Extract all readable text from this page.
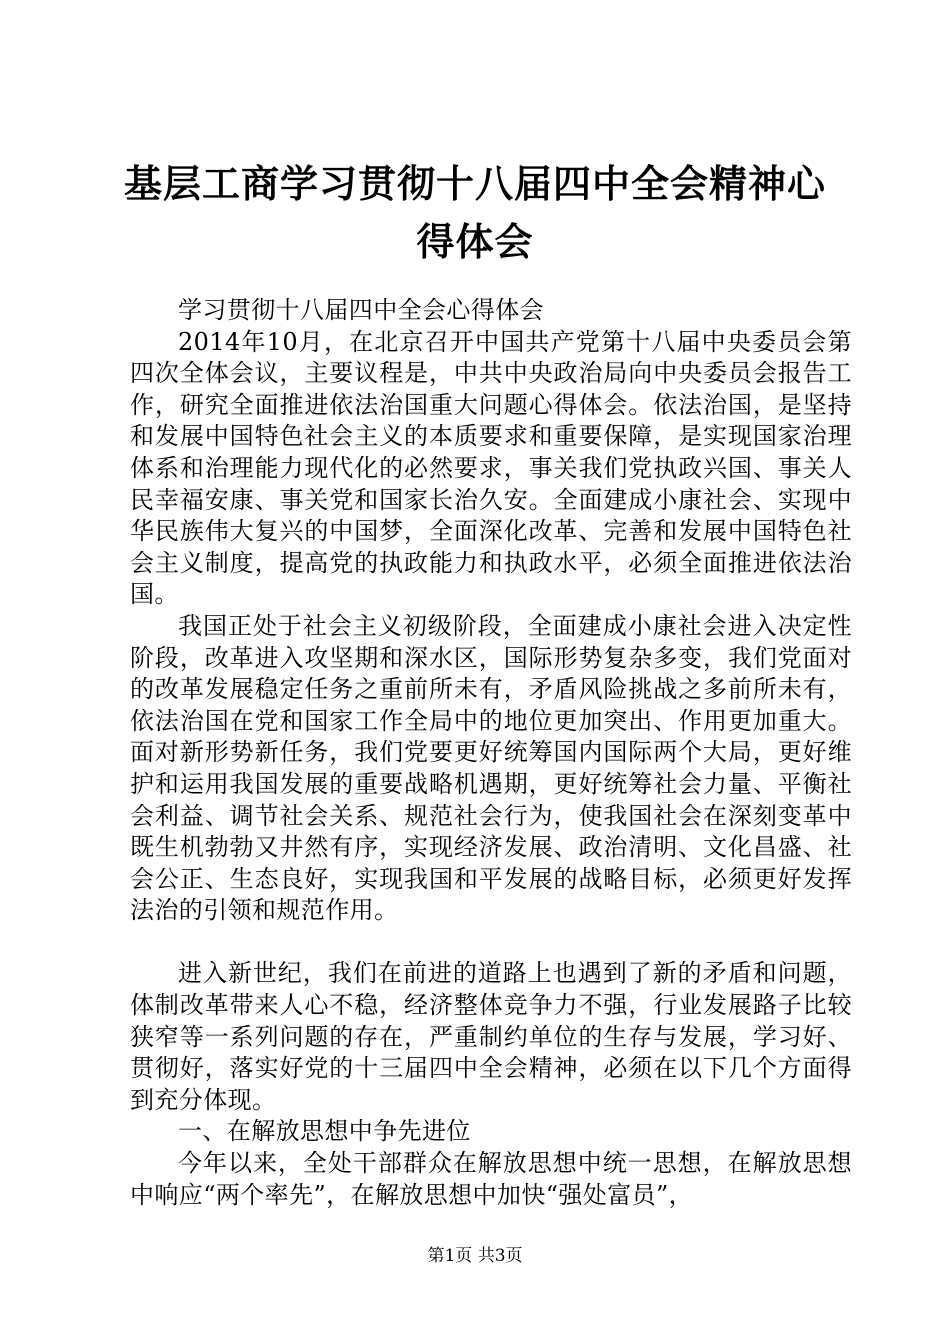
基层工商学习贯彻十八届四中全会精神心得体会

学习贯彻十八届四中全会心得体会

2014年10月，在北京召开中国共产党第十八届中央委员会第四次全体会议，主要议程是，中共中央政治局向中央委员会报告工作，研究全面推进依法治国重大问题心得体会。依法治国，是坚持和发展中国特色社会主义的本质要求和重要保障，是实现国家治理体系和治理能力现代化的必然要求，事关我们党执政兴国、事关人民幸福安康、事关党和国家长治久安。全面建成小康社会、实现中华民族伟大复兴的中国梦，全面深化改革、完善和发展中国特色社会主义制度，提高党的执政能力和执政水平，必须全面推进依法治国。

我国正处于社会主义初级阶段，全面建成小康社会进入决定性阶段，改革进入攻坚期和深水区，国际形势复杂多变，我们党面对的改革发展稳定任务之重前所未有，矛盾风险挑战之多前所未有，依法治国在党和国家工作全局中的地位更加突出、作用更加重大。面对新形势新任务，我们党要更好统筹国内国际两个大局，更好维护和运用我国发展的重要战略机遇期，更好统筹社会力量、平衡社会利益、调节社会关系、规范社会行为，使我国社会在深刻变革中既生机勃勃又井然有序，实现经济发展、政治清明、文化昌盛、社会公正、生态良好，实现我国和平发展的战略目标，必须更好发挥法治的引领和规范作用。

进入新世纪，我们在前进的道路上也遇到了新的矛盾和问题，体制改革带来人心不稳，经济整体竞争力不强，行业发展路子比较狭窄等一系列问题的存在，严重制约单位的生存与发展，学习好、贯彻好，落实好党的十三届四中全会精神，必须在以下几个方面得到充分体现。

一、在解放思想中争先进位

今年以来，全处干部群众在解放思想中统一思想，在解放思想中响应“两个率先”，在解放思想中加快“强处富员”，

第1页 共3页
